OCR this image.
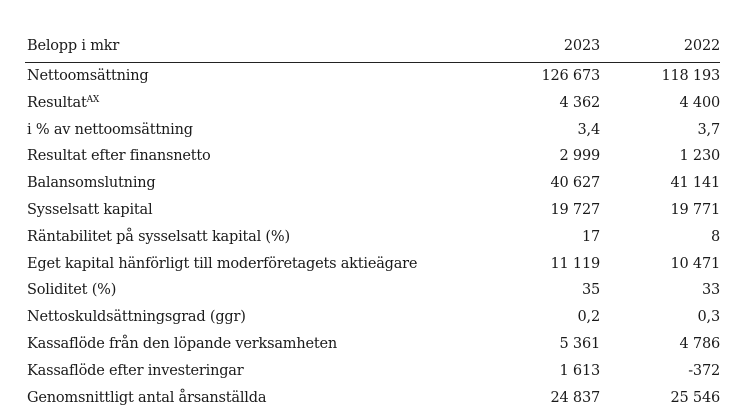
Belopp i mkr	2023	2022
Nettoomsättning	126 673	118 193
Resultat$^{AX}$	4 362	4 400
i % av nettoomsättning	3,4	3,7
Resultat efter finansnetto	2 999	1 230
Balansomslutning	40 627	41 141
Sysselsatt kapital	19 727	19 771
Räntabilitet på sysselsatt kapital (%)	17	8
Eget kapital hänförligt till moderföretagets aktieägare	11 119	10 471
Soliditet (%)	35	33
Nettoskuldsättningsgrad (ggr)	0,2	0,3
Kassaflöde från den löpande verksamheten	5 361	4 786
Kassaflöde efter investeringar	1 613	-372
Genomsnittligt antal årsanställda	24 837	25 546
